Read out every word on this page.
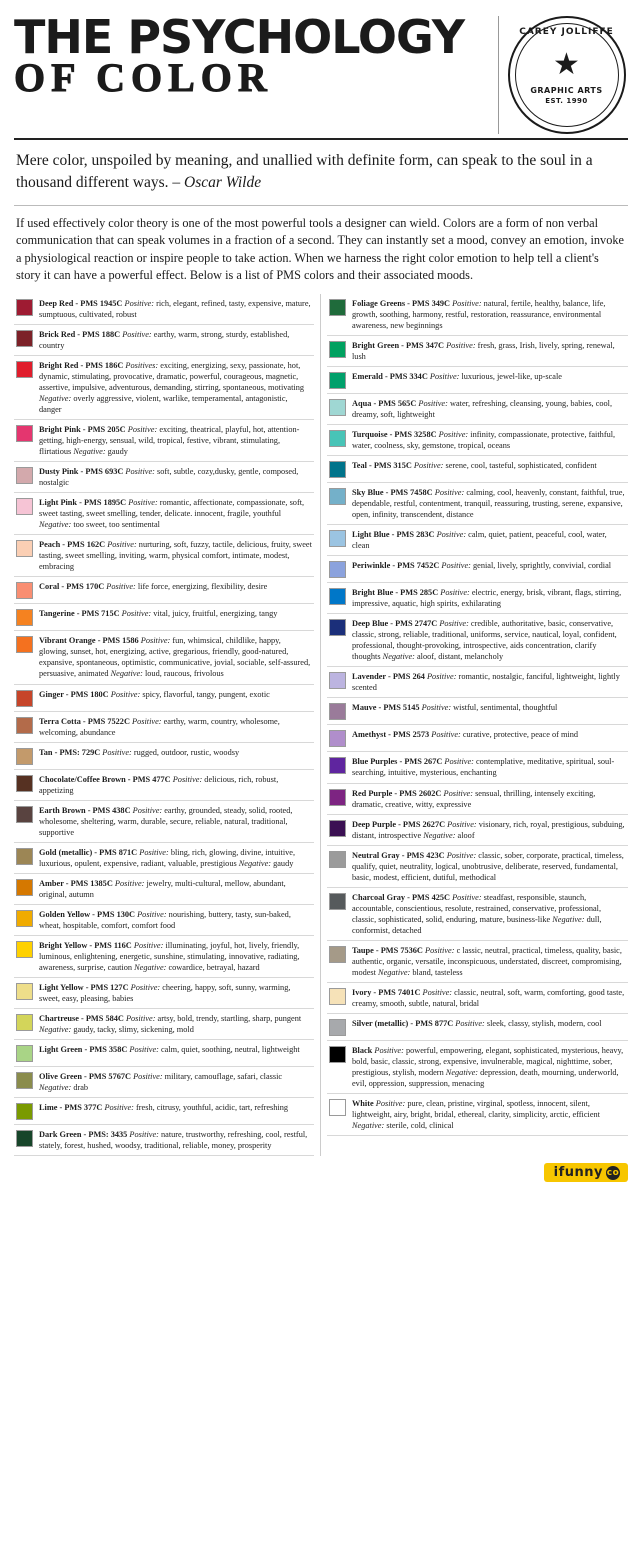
THE PSYCHOLOGY
OF COLOR
CAREY JOLLIFFE
★
GRAPHIC ARTS
EST. 1990
Mere color, unspoiled by meaning, and unallied with definite form, can speak to the soul in a thousand different ways. – Oscar Wilde
If used effectively color theory is one of the most powerful tools a designer can wield. Colors are a form of non verbal communication that can speak volumes in a fraction of a second. They can instantly set a mood, convey an emotion, invoke a physiological reaction or inspire people to take action. When we harness the right color emotion to help tell a client's story it can have a powerful effect. Below is a list of PMS colors and their associated moods.
Deep Red - PMS 1945C Positive: rich, elegant, refined, tasty, expensive, mature, sumptuous, cultivated, robust
Brick Red - PMS 188C Positive: earthy, warm, strong, sturdy, established, country
Bright Red - PMS 186C Positives: exciting, energizing, sexy, passionate, hot, dynamic, stimulating, provocative, dramatic, powerful, courageous, magnetic, assertive, impulsive, adventurous, demanding, stirring, spontaneous, motivating Negative: overly aggressive, violent, warlike, temperamental, antagonistic, danger
Bright Pink - PMS 205C Positive: exciting, theatrical, playful, hot, attention-getting, high-energy, sensual, wild, tropical, festive, vibrant, stimulating, flirtatious Negative: gaudy
Dusty Pink - PMS 693C Positive: soft, subtle, cozy,dusky, gentle, composed, nostalgic
Light Pink - PMS 1895C Positive: romantic, affectionate, compassionate, soft, sweet tasting, sweet smelling, tender, delicate. innocent, fragile, youthful Negative: too sweet, too sentimental
Peach - PMS 162C Positive: nurturing, soft, fuzzy, tactile, delicious, fruity, sweet tasting, sweet smelling, inviting, warm, physical comfort, intimate, modest, embracing
Coral - PMS 170C Positive: life force, energizing, flexibility, desire
Tangerine - PMS 715C Positive: vital, juicy, fruitful, energizing, tangy
Vibrant Orange - PMS 1586 Positive: fun, whimsical, childlike, happy, glowing, sunset, hot, energizing, active, gregarious, friendly, good-natured, expansive, spontaneous, optimistic, communicative, jovial, sociable, self-assured, persuasive, animated Negative: loud, raucous, frivolous
Ginger - PMS 180C Positive: spicy, flavorful, tangy, pungent, exotic
Terra Cotta - PMS 7522C Positive: earthy, warm, country, wholesome, welcoming, abundance
Tan - PMS: 729C Positive: rugged, outdoor, rustic, woodsy
Chocolate/Coffee Brown - PMS 477C Positive: delicious, rich, robust, appetizing
Earth Brown - PMS 438C Positive: earthy, grounded, steady, solid, rooted, wholesome, sheltering, warm, durable, secure, reliable, natural, traditional, supportive
Gold (metallic) - PMS 871C Positive: bling, rich, glowing, divine, intuitive, luxurious, opulent, expensive, radiant, valuable, prestigious Negative: gaudy
Amber - PMS 1385C Positive: jewelry, multi-cultural, mellow, abundant, original, autumn
Golden Yellow - PMS 130C Positive: nourishing, buttery, tasty, sun-baked, wheat, hospitable, comfort, comfort food
Bright Yellow - PMS 116C Positive: illuminating, joyful, hot, lively, friendly, luminous, enlightening, energetic, sunshine, stimulating, innovative, radiating, awareness, surprise, caution Negative: cowardice, betrayal, hazard
Light Yellow - PMS 127C Positive: cheering, happy, soft, sunny, warming, sweet, easy, pleasing, babies
Chartreuse - PMS 584C Positive: artsy, bold, trendy, startling, sharp, pungent Negative: gaudy, tacky, slimy, sickening, mold
Light Green - PMS 358C Positive: calm, quiet, soothing, neutral, lightweight
Olive Green - PMS 5767C Positive: military, camouflage, safari, classic Negative: drab
Lime - PMS 377C Positive: fresh, citrusy, youthful, acidic, tart, refreshing
Dark Green - PMS: 3435 Positive: nature, trustworthy, refreshing, cool, restful, stately, forest, hushed, woodsy, traditional, reliable, money, prosperity
Foliage Greens - PMS 349C Positive: natural, fertile, healthy, balance, life, growth, soothing, harmony, restful, restoration, reassurance, environmental awareness, new beginnings
Bright Green - PMS 347C Positive: fresh, grass, Irish, lively, spring, renewal, lush
Emerald - PMS 334C Positive: luxurious, jewel-like, up-scale
Aqua - PMS 565C Positive: water, refreshing, cleansing, young, babies, cool, dreamy, soft, lightweight
Turquoise - PMS 3258C Positive: infinity, compassionate, protective, faithful, water, coolness, sky, gemstone, tropical, oceans
Teal - PMS 315C Positive: serene, cool, tasteful, sophisticated, confident
Sky Blue - PMS 7458C Positive: calming, cool, heavenly, constant, faithful, true, dependable, restful, contentment, tranquil, reassuring, trusting, serene, expansive, open, infinity, transcendent, distance
Light Blue - PMS 283C Positive: calm, quiet, patient, peaceful, cool, water, clean
Periwinkle - PMS 7452C Positive: genial, lively, sprightly, convivial, cordial
Bright Blue - PMS 285C Positive: electric, energy, brisk, vibrant, flags, stirring, impressive, aquatic, high spirits, exhilarating
Deep Blue - PMS 2747C Positive: credible, authoritative, basic, conservative, classic, strong, reliable, traditional, uniforms, service, nautical, loyal, confident, professional, thought-provoking, introspective, aids concentration, clarify thoughts Negative: aloof, distant, melancholy
Lavender - PMS 264 Positive: romantic, nostalgic, fanciful, lightweight, lightly scented
Mauve - PMS 5145 Positive: wistful, sentimental, thoughtful
Amethyst - PMS 2573 Positive: curative, protective, peace of mind
Blue Purples - PMS 267C Positive: contemplative, meditative, spiritual, soul-searching, intuitive, mysterious, enchanting
Red Purple - PMS 2602C Positive: sensual, thrilling, intensely exciting, dramatic, creative, witty, expressive
Deep Purple - PMS 2627C Positive: visionary, rich, royal, prestigious, subduing, distant, introspective Negative: aloof
Neutral Gray - PMS 423C Positive: classic, sober, corporate, practical, timeless, qualify, quiet, neutrality, logical, unobtrusive, deliberate, reserved, fundamental, basic, modest, efficient, dutiful, methodical
Charcoal Gray - PMS 425C Positive: steadfast, responsible, staunch, accountable, conscientious, resolute, restrained, conservative, professional, classic, sophisticated, solid, enduring, mature, business-like Negative: dull, conformist, detached
Taupe - PMS 7536C Positive: c lassic, neutral, practical, timeless, quality, basic, authentic, organic, versatile, inconspicuous, understated, discreet, compromising, modest Negative: bland, tasteless
Ivory - PMS 7401C Positive: classic, neutral, soft, warm, comforting, good taste, creamy, smooth, subtle, natural, bridal
Silver (metallic) - PMS 877C Positive: sleek, classy, stylish, modern, cool
Black Positive: powerful, empowering, elegant, sophisticated, mysterious, heavy, bold, basic, classic, strong, expensive, invulnerable, magical, nighttime, sober, prestigious, stylish, modern Negative: depression, death, mourning, underworld, evil, oppression, suppression, menacing
White Positive: pure, clean, pristine, virginal, spotless, innocent, silent, lightweight, airy, bright, bridal, ethereal, clarity, simplicity, arctic, efficient Negative: sterile, cold, clinical
ifunny co
